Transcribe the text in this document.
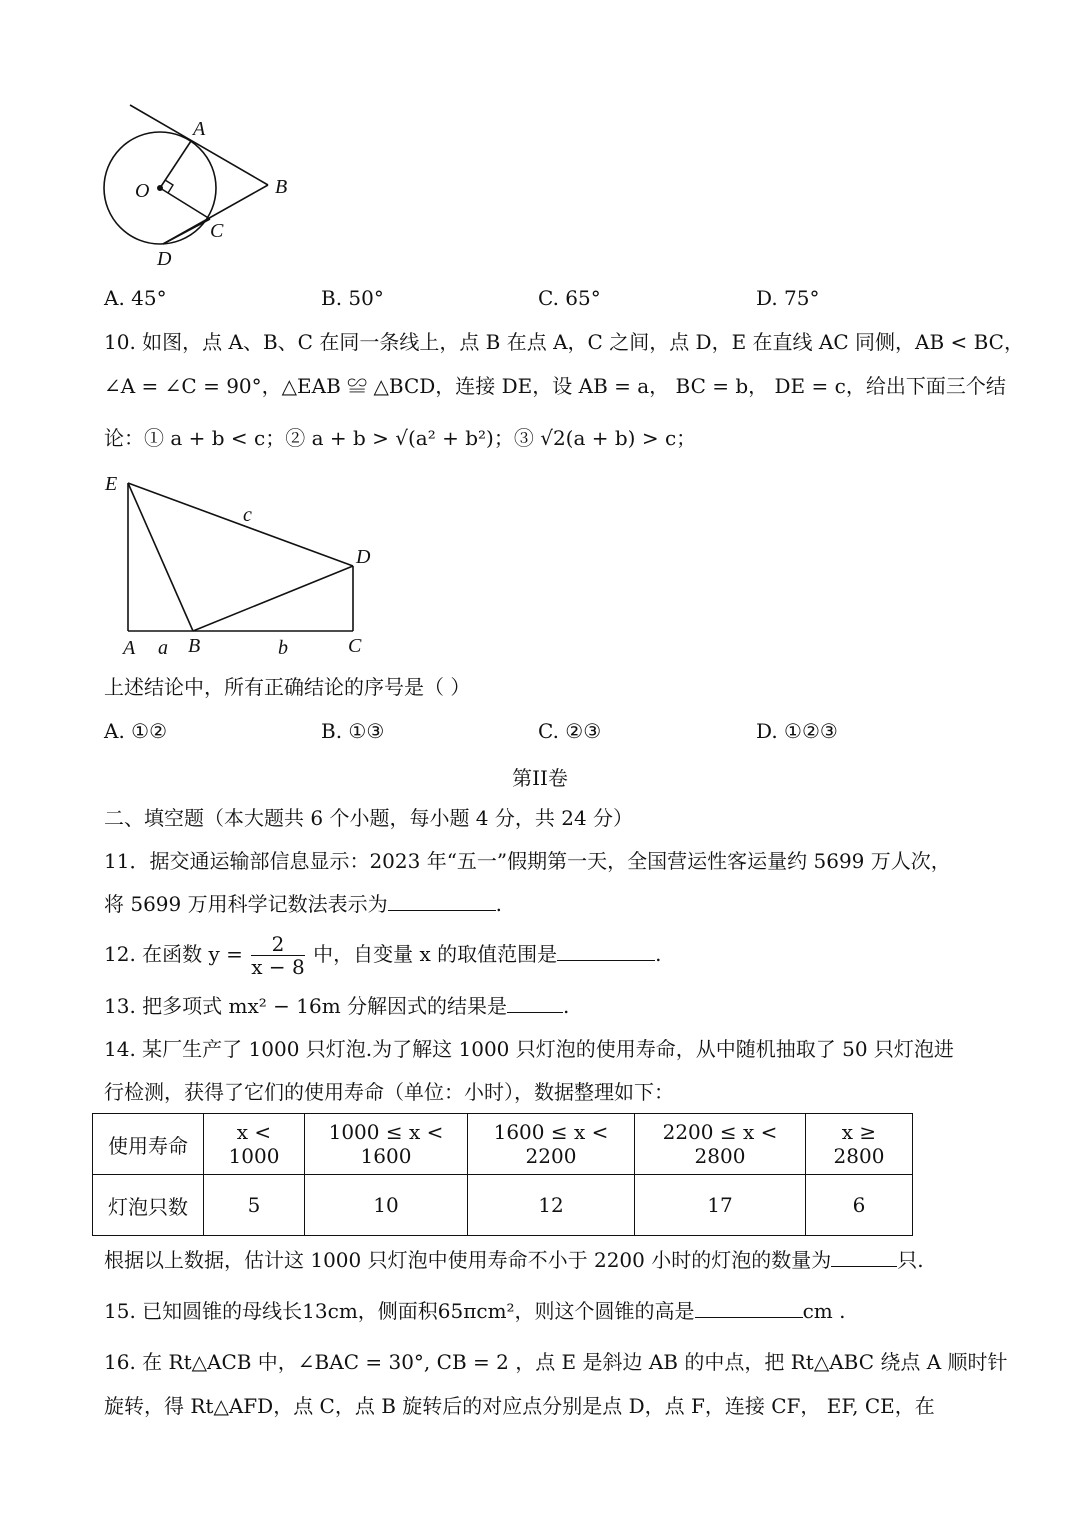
A
B
O
C
D
A. 45°	B. 50°	C. 65°	D. 75°
10. 如图，点 A、B、C 在同一条线上，点 B 在点 A，C 之间，点 D，E 在直线 AC 同侧，AB < BC，
∠A = ∠C = 90°，△EAB ≌ △BCD，连接 DE，设 AB = a， BC = b， DE = c，给出下面三个结
论：① a + b < c；② a + b > √(a² + b²)；③ √2(a + b) > c；
E
c
D
A a B	b	C
上述结论中，所有正确结论的序号是（ ）
A. ①②	B. ①③	C. ②③	D. ①②③
第II卷
二、填空题（本大题共 6 个小题，每小题 4 分，共 24 分）
11．据交通运输部信息显示：2023 年“五一”假期第一天，全国营运性客运量约 5699 万人次，
将 5699 万用科学记数法表示为	.
12. 在函数 $y = \frac{2}{x - 8}$ 中，自变量 x 的取值范围是	.
13. 把多项式 mx² − 16m 分解因式的结果是	.
14. 某厂生产了 1000 只灯泡.为了解这 1000 只灯泡的使用寿命，从中随机抽取了 50 只灯泡进
行检测，获得了它们的使用寿命（单位：小时），数据整理如下：
使用寿命	x < 1000	1000 ≤ x < 1600	1600 ≤ x < 2200	2200 ≤ x < 2800	x ≥ 2800
灯泡只数	5	10	12	17	6
根据以上数据，估计这 1000 只灯泡中使用寿命不小于 2200 小时的灯泡的数量为	只.
15. 已知圆锥的母线长13cm，侧面积65πcm²，则这个圆锥的高是	cm .
16. 在 Rt△ACB 中，∠BAC = 30°, CB = 2 ，点 E 是斜边 AB 的中点，把 Rt△ABC 绕点 A 顺时针
旋转，得 Rt△AFD，点 C，点 B 旋转后的对应点分别是点 D，点 F，连接 CF， EF, CE，在
